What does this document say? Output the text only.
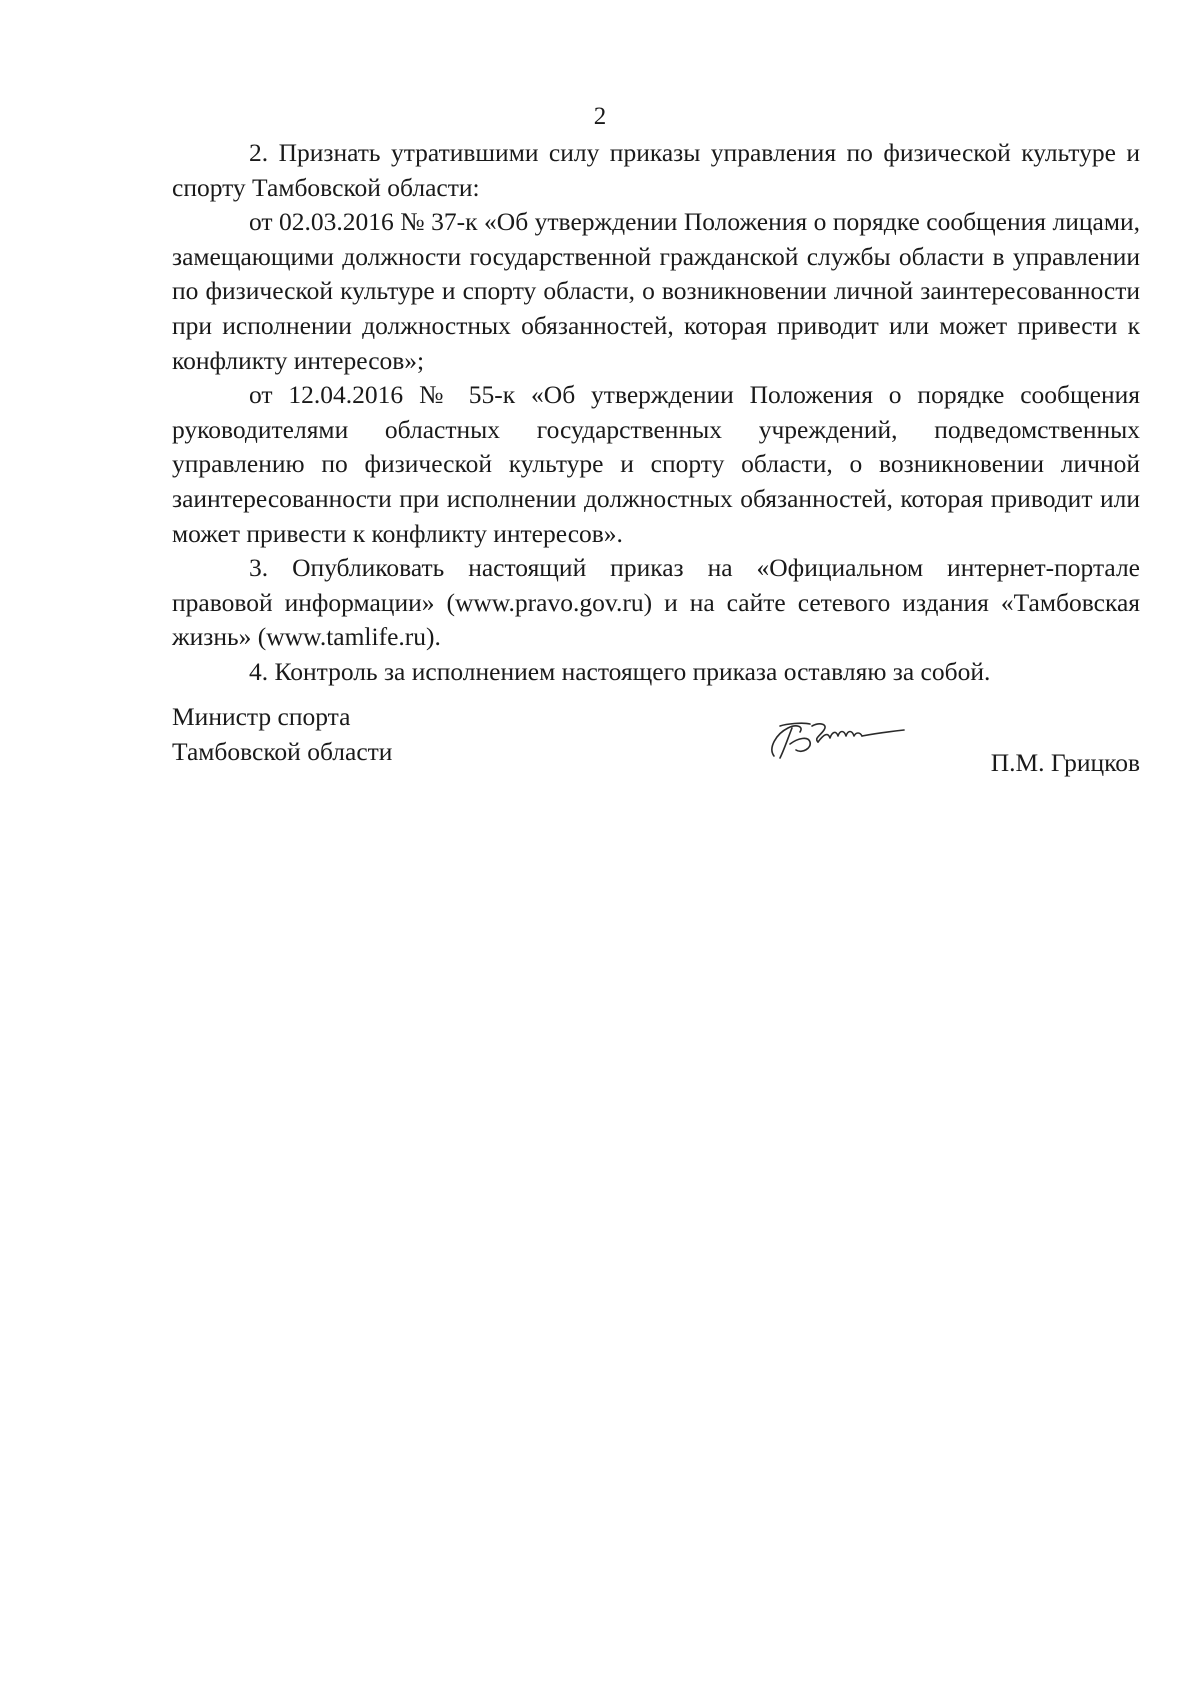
2

2. Признать утратившими силу приказы управления по физической культуре и спорту Тамбовской области:

от 02.03.2016 № 37-к «Об утверждении Положения о порядке сообщения лицами, замещающими должности государственной гражданской службы области в управлении по физической культуре и спорту области, о возникновении личной заинтересованности при исполнении должностных обязанностей, которая приводит или может привести к конфликту интересов»;

от 12.04.2016 № 55-к «Об утверждении Положения о порядке сообщения руководителями областных государственных учреждений, подведомственных управлению по физической культуре и спорту области, о возникновении личной заинтересованности при исполнении должностных обязанностей, которая приводит или может привести к конфликту интересов».

3. Опубликовать настоящий приказ на «Официальном интернет-портале правовой информации» (www.pravo.gov.ru) и на сайте сетевого издания «Тамбовская жизнь» (www.tamlife.ru).

4. Контроль за исполнением настоящего приказа оставляю за собой.

Министр спорта
Тамбовской области	П.М. Грицков
